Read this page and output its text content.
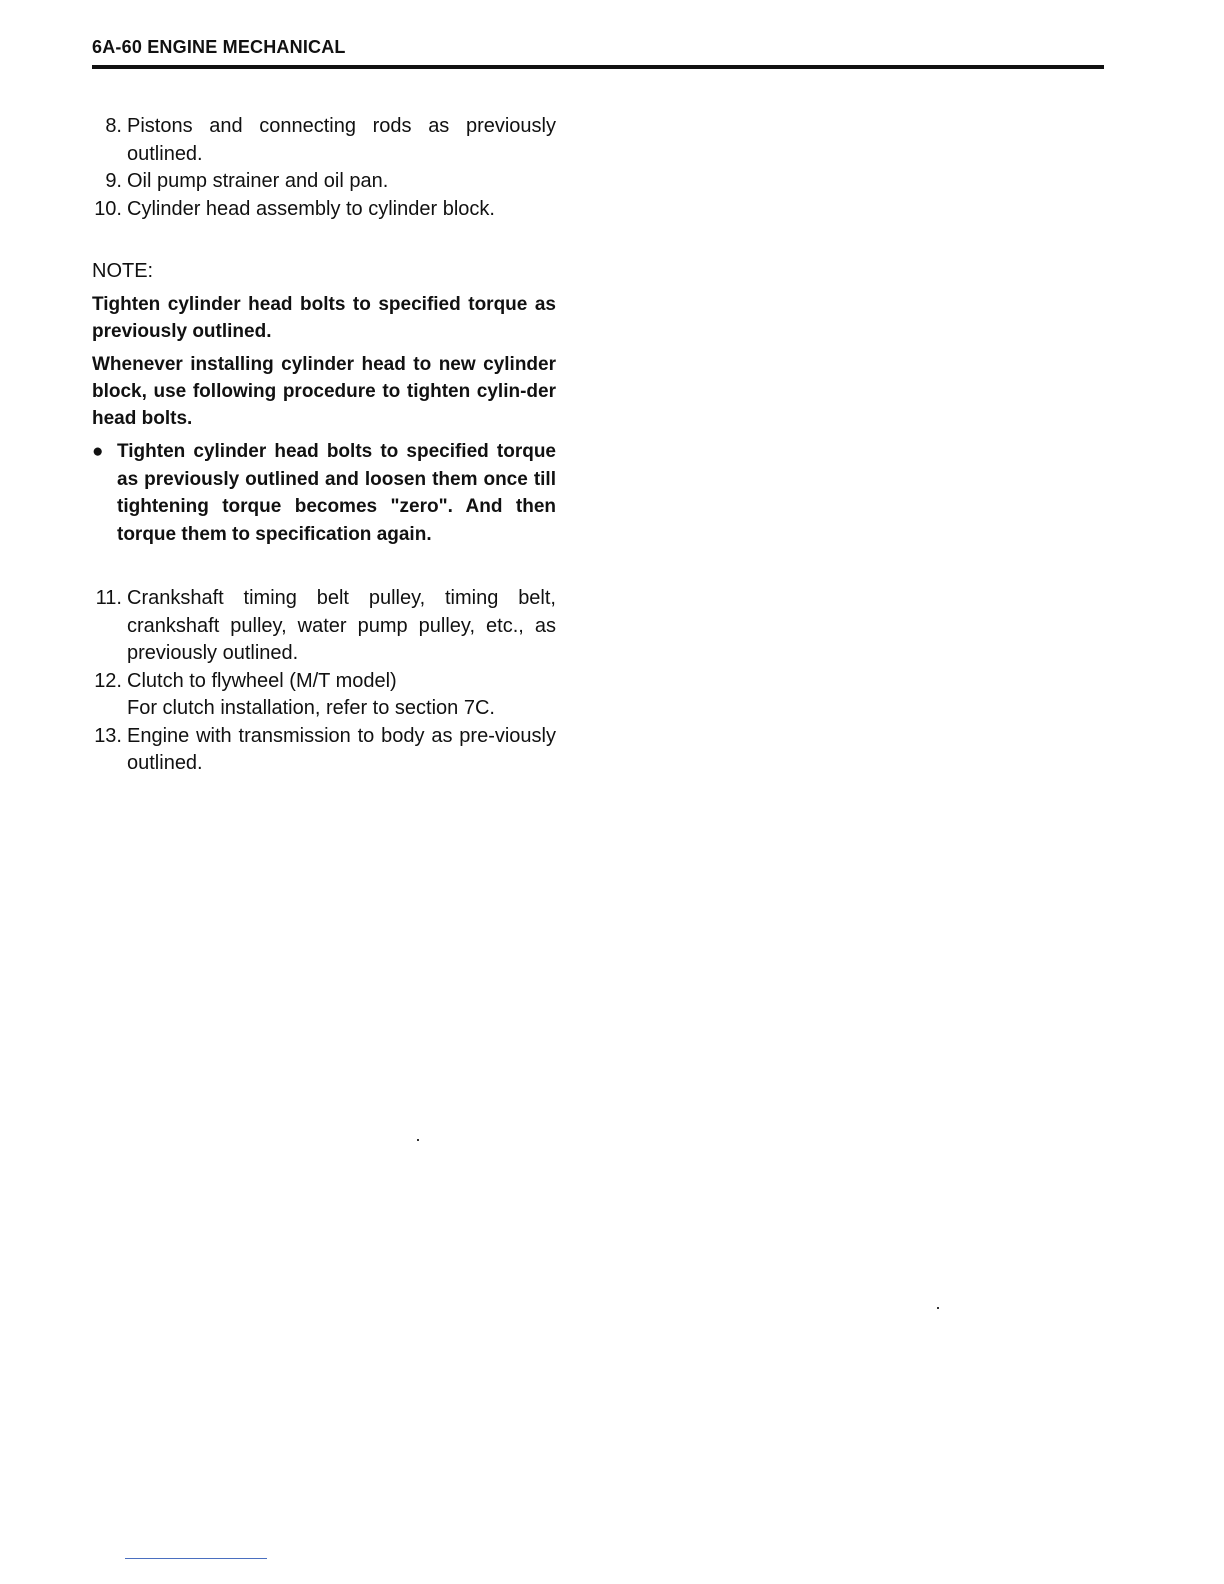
6A-60 ENGINE MECHANICAL
8. Pistons and connecting rods as previously outlined.
9. Oil pump strainer and oil pan.
10. Cylinder head assembly to cylinder block.
NOTE:
Tighten cylinder head bolts to specified torque as previously outlined.
Whenever installing cylinder head to new cylinder block, use following procedure to tighten cylin-der head bolts.
● Tighten cylinder head bolts to specified torque as previously outlined and loosen them once till tightening torque becomes "zero". And then torque them to specification again.
11. Crankshaft timing belt pulley, timing belt, crankshaft pulley, water pump pulley, etc., as previously outlined.
12. Clutch to flywheel (M/T model)
For clutch installation, refer to section 7C.
13. Engine with transmission to body as pre-viously outlined.
